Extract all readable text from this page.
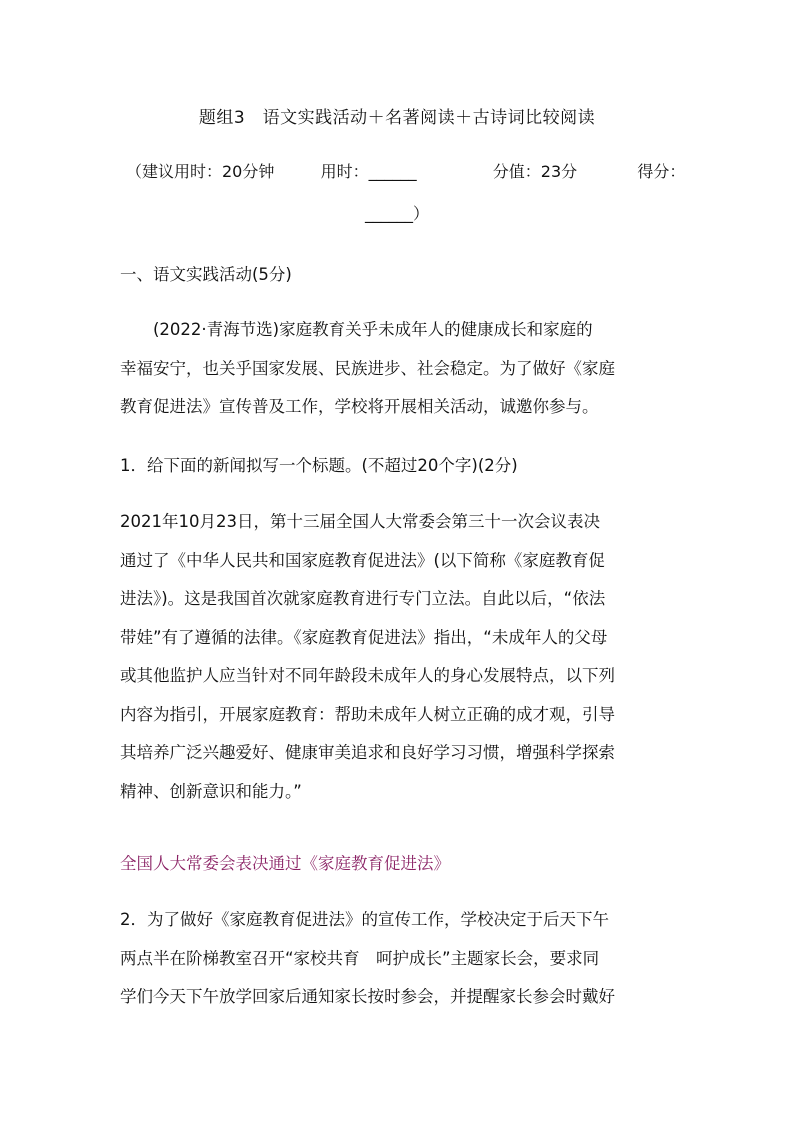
题组3　语文实践活动＋名著阅读＋古诗词比较阅读
（建议用时：20分钟	用时：______	分值：23分	得分：
______）
一、语文实践活动(5分)
(2022·青海节选)家庭教育关乎未成年人的健康成长和家庭的
幸福安宁，也关乎国家发展、民族进步、社会稳定。为了做好《家庭
教育促进法》宣传普及工作，学校将开展相关活动，诚邀你参与。
1．给下面的新闻拟写一个标题。(不超过20个字)(2分)
2021年10月23日，第十三届全国人大常委会第三十一次会议表决
通过了《中华人民共和国家庭教育促进法》(以下简称《家庭教育促
进法》)。这是我国首次就家庭教育进行专门立法。自此以后，“依法
带娃”有了遵循的法律。《家庭教育促进法》指出，“未成年人的父母
或其他监护人应当针对不同年龄段未成年人的身心发展特点，以下列
内容为指引，开展家庭教育：帮助未成年人树立正确的成才观，引导
其培养广泛兴趣爱好、健康审美追求和良好学习习惯，增强科学探索
精神、创新意识和能力。”
全国人大常委会表决通过《家庭教育促进法》
2．为了做好《家庭教育促进法》的宣传工作，学校决定于后天下午
两点半在阶梯教室召开“家校共育　呵护成长”主题家长会，要求同
学们今天下午放学回家后通知家长按时参会，并提醒家长参会时戴好
